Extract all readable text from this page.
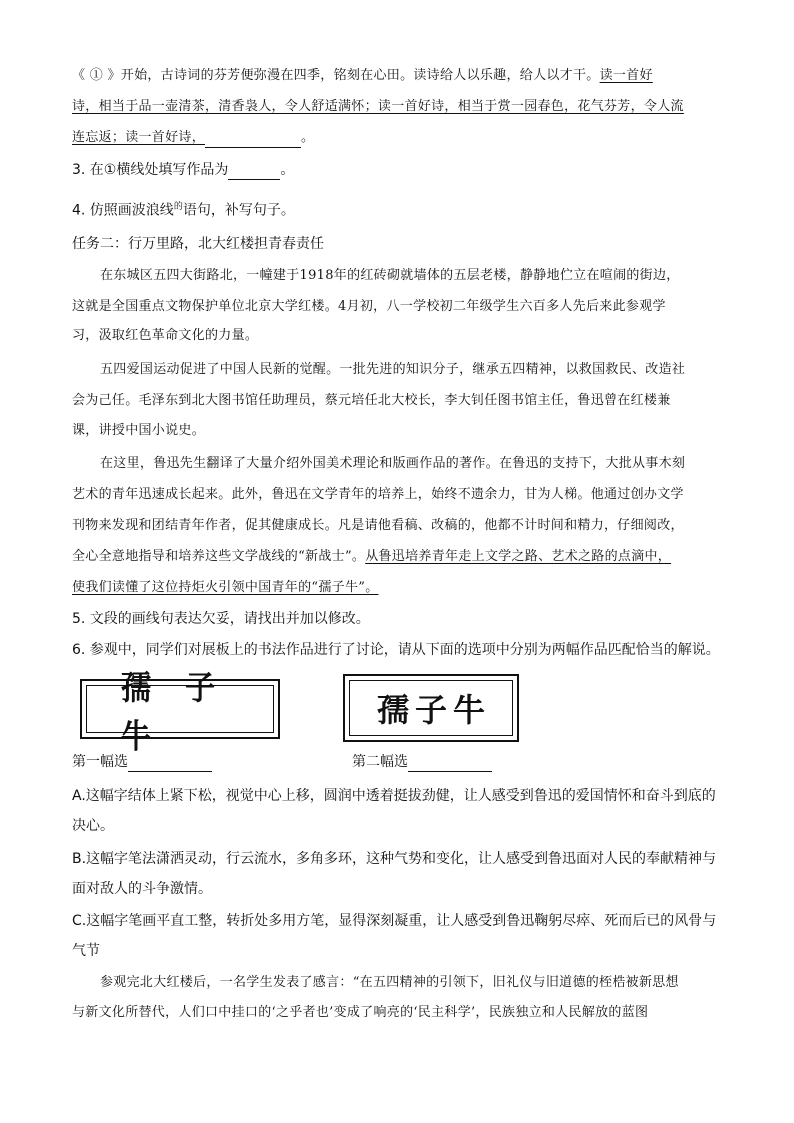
《 ① 》开始，古诗词的芬芳便弥漫在四季，铭刻在心田。读诗给人以乐趣，给人以才干。读一首好
诗，相当于品一壶清茶，清香袅人，令人舒适满怀；读一首好诗，相当于赏一园春色，花气芬芳，令人流
连忘返；读一首好诗，	。
3. 在①横线处填写作品为	。
4. 仿照画波浪线$^的$语句，补写句子。
任务二：行万里路，北大红楼担青春责任
在东城区五四大街路北，一幢建于1918年的红砖砌就墙体的五层老楼，静静地伫立在喧闹的街边，
这就是全国重点文物保护单位北京大学红楼。4月初，八一学校初二年级学生六百多人先后来此参观学
习，汲取红色革命文化的力量。
五四爱国运动促进了中国人民新的觉醒。一批先进的知识分子，继承五四精神，以救国救民、改造社
会为己任。毛泽东到北大图书馆任助理员，蔡元培任北大校长，李大钊任图书馆主任，鲁迅曾在红楼兼
课，讲授中国小说史。
在这里，鲁迅先生翻译了大量介绍外国美术理论和版画作品的著作。在鲁迅的支持下，大批从事木刻
艺术的青年迅速成长起来。此外，鲁迅在文学青年的培养上，始终不遗余力，甘为人梯。他通过创办文学
刊物来发现和团结青年作者，促其健康成长。凡是请他看稿、改稿的，他都不计时间和精力，仔细阅改，
全心全意地指导和培养这些文学战线的“新战士”。从鲁迅培养青年走上文学之路、艺术之路的点滴中，
使我们读懂了这位持炬火引领中国青年的“孺子牛”。
5. 文段的画线句表达欠妥，请找出并加以修改。
6. 参观中，同学们对展板上的书法作品进行了讨论，请从下面的选项中分别为两幅作品匹配恰当的解说。
孺子牛
孺子牛
第一幅选	第二幅选
A.这幅字结体上紧下松，视觉中心上移，圆润中透着挺拔劲健，让人感受到鲁迅的爱国情怀和奋斗到底的
决心。
B.这幅字笔法潇洒灵动，行云流水，多角多环，这种气势和变化，让人感受到鲁迅面对人民的奉献精神与
面对敌人的斗争激情。
C.这幅字笔画平直工整，转折处多用方笔，显得深刻凝重，让人感受到鲁迅鞠躬尽瘁、死而后已的风骨与
气节
参观完北大红楼后，一名学生发表了感言：“在五四精神的引领下，旧礼仪与旧道德的桎梏被新思想
与新文化所替代，人们口中挂口的‘之乎者也’变成了响亮的‘民主科学’，民族独立和人民解放的蓝图
